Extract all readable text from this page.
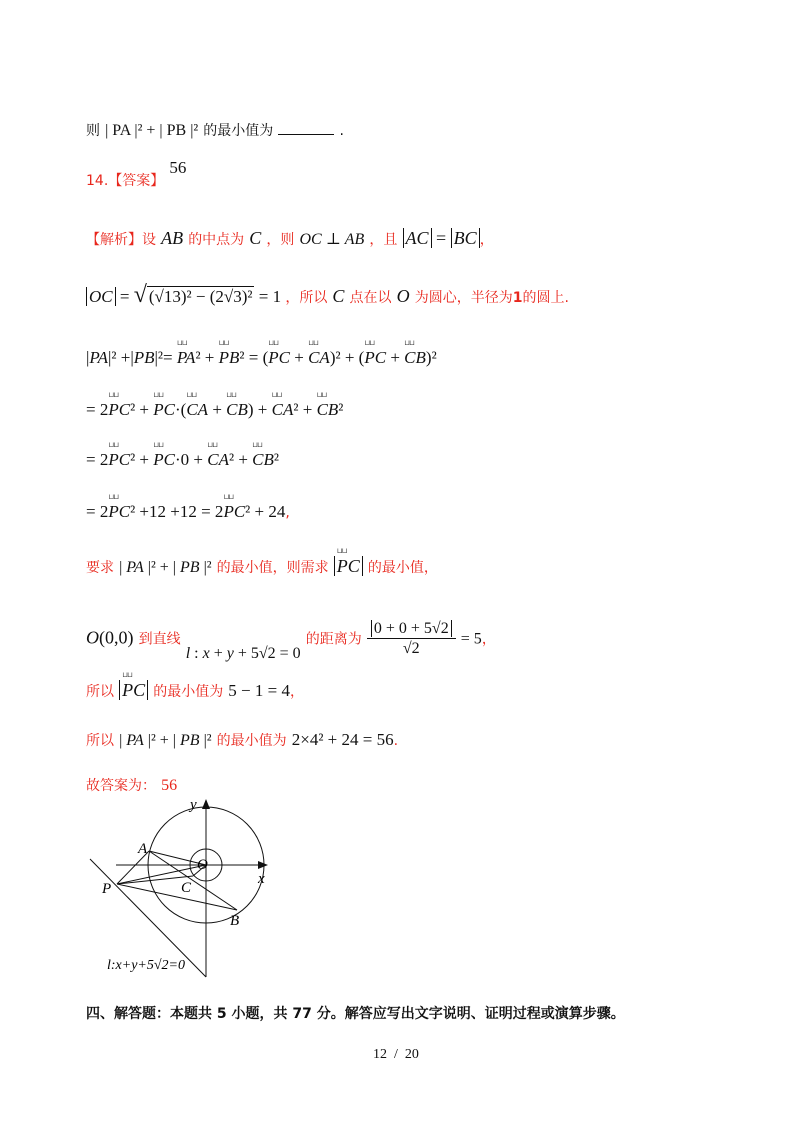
则 | PA |² + | PB |² 的最小值为	.
14.【答案】 56
【解析】设 AB 的中点为 C ，则 OC ⊥ AB ，且 AC = BC ，
OC = √ (√13)² − (2√3)² = 1 ，所以 C 点在以 O 为圆心，半径为1的圆上.
|PA|² +|PB|²= ⊔⊔ PA² + ⊔⊔ PB² = (⊔⊔ PC + ⊔⊔ CA)² + (⊔⊔ PC + ⊔⊔ CB)²
= 2⊔⊔ PC² + ⊔⊔ PC·(⊔⊔ CA + ⊔⊔ CB) + ⊔⊔ CA² + ⊔⊔ CB²
= 2⊔⊔ PC² + ⊔⊔ PC·0 + ⊔⊔ CA² + ⊔⊔ CB²
= 2⊔⊔ PC² +12 +12 = 2⊔⊔ PC² + 24,
要求 | PA |² + | PB |² 的最小值，则需求 ⊔⊔ PC 的最小值，
O(0,0) 到直线 l : x + y + 5√2 = 0 的距离为 $\frac{0 + 0 + 5√2}{√2} = 5$，
所以 ⊔⊔ PC 的最小值为 5 − 1 = 4，
所以 | PA |² + | PB |² 的最小值为 2×4² + 24 = 56.
故答案为： 56
y
x
O
A
P	C
B
l:x+y+5√2=0
四、解答题：本题共 5 小题，共 77 分。解答应写出文字说明、证明过程或演算步骤。
12  /  20
